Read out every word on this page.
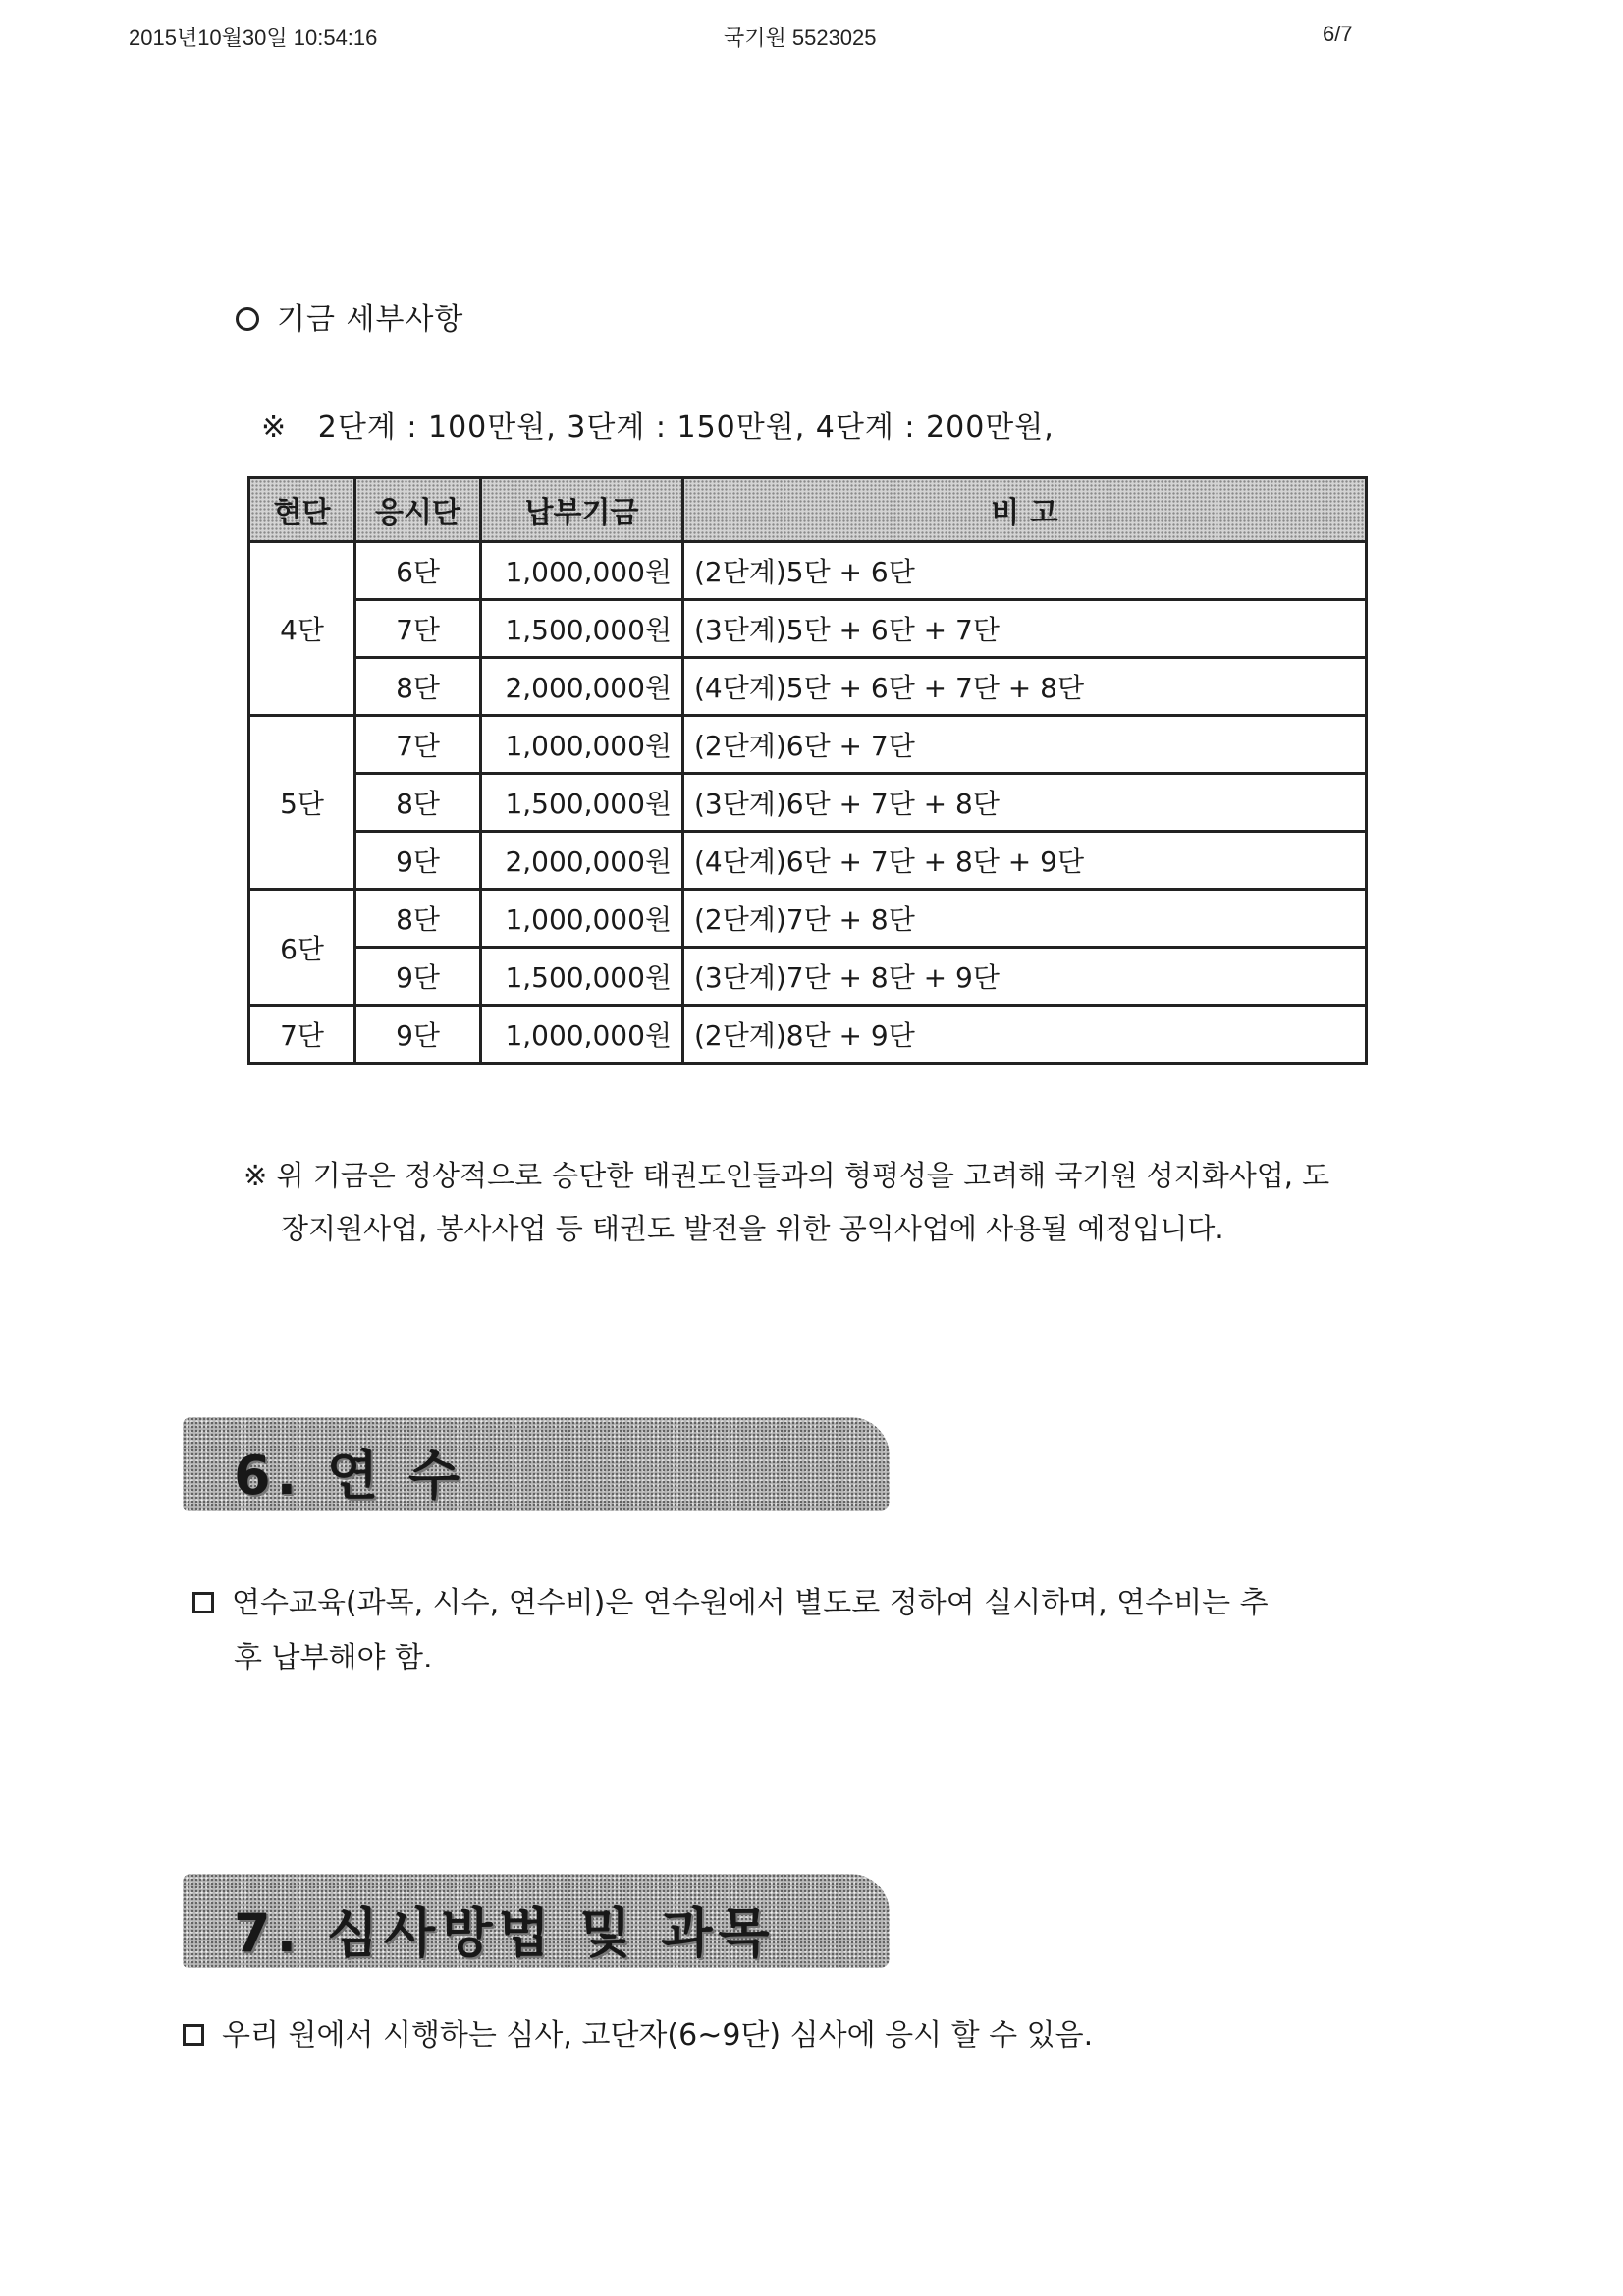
2015년10월30일 10:54:16	국기원 5523025	6/7
기금 세부사항
※ 2단계 : 100만원, 3단계 : 150만원, 4단계 : 200만원,
현단	응시단	납부기금	비 고
4단	6단	1,000,000원	(2단계)5단 + 6단
	7단	1,500,000원	(3단계)5단 + 6단 + 7단
	8단	2,000,000원	(4단계)5단 + 6단 + 7단 + 8단
5단	7단	1,000,000원	(2단계)6단 + 7단
	8단	1,500,000원	(3단계)6단 + 7단 + 8단
	9단	2,000,000원	(4단계)6단 + 7단 + 8단 + 9단
6단	8단	1,000,000원	(2단계)7단 + 8단
	9단	1,500,000원	(3단계)7단 + 8단 + 9단
7단	9단	1,000,000원	(2단계)8단 + 9단
※ 위 기금은 정상적으로 승단한 태권도인들과의 형평성을 고려해 국기원 성지화사업, 도
장지원사업, 봉사사업 등 태권도 발전을 위한 공익사업에 사용될 예정입니다.
6. 연 수
연수교육(과목, 시수, 연수비)은 연수원에서 별도로 정하여 실시하며, 연수비는 추
후 납부해야 함.
7. 심사방법 및 과목
우리 원에서 시행하는 심사, 고단자(6~9단) 심사에 응시 할 수 있음.
